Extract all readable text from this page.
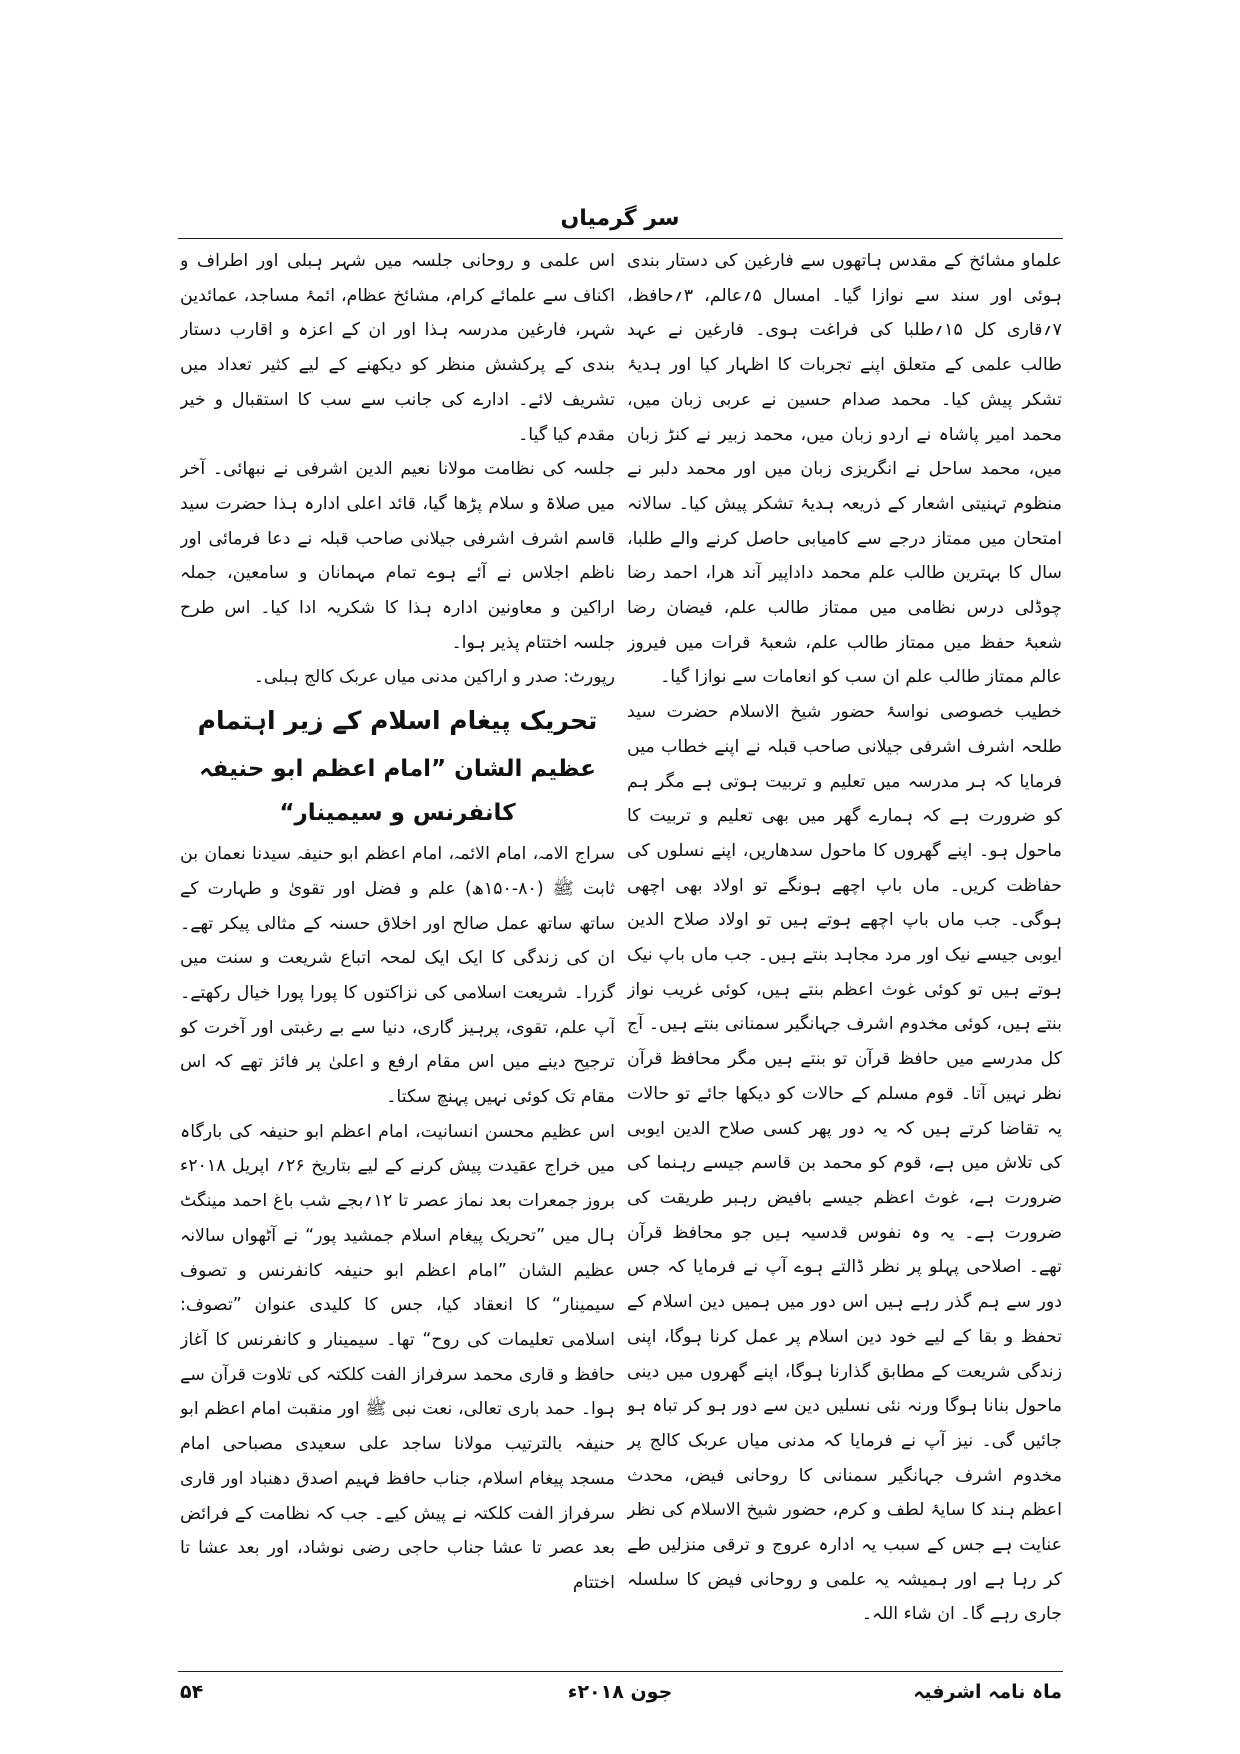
سر گرمیاں

علماو مشائخ کے مقدس ہاتھوں سے فارغین کی دستار بندی ہوئی اور سند سے نوازا گیا۔ امسال ۵؍عالم، ۳؍حافظ، ۷؍قاری کل ۱۵؍طلبا کی فراغت ہوی۔ فارغین نے عہد طالب علمی کے متعلق اپنے تجربات کا اظہار کیا اور ہدیۂ تشکر پیش کیا۔ محمد صدام حسین نے عربی زبان میں، محمد امیر پاشاہ نے اردو زبان میں، محمد زبیر نے کنڑ زبان میں، محمد ساحل نے انگریزی زبان میں اور محمد دلبر نے منظوم تہنیتی اشعار کے ذریعہ ہدیۂ تشکر پیش کیا۔ سالانہ امتحان میں ممتاز درجے سے کامیابی حاصل کرنے والے طلبا، سال کا بہترین طالب علم محمد داداپیر آند ھرا، احمد رضا چوڈلی درس نظامی میں ممتاز طالب علم، فیضان رضا شعبۂ حفظ میں ممتاز طالب علم، شعبۂ قرات میں فیروز عالم ممتاز طالب علم ان سب کو انعامات سے نوازا گیا۔

خطیب خصوصی نواسۂ حضور شیخ الاسلام حضرت سید طلحہ اشرف اشرفی جیلانی صاحب قبلہ نے اپنے خطاب میں فرمایا کہ ہر مدرسہ میں تعلیم و تربیت ہوتی ہے مگر ہم کو ضرورت ہے کہ ہمارے گھر میں بھی تعلیم و تربیت کا ماحول ہو۔ اپنے گھروں کا ماحول سدھاریں، اپنے نسلوں کی حفاظت کریں۔ ماں باپ اچھے ہونگے تو اولاد بھی اچھی ہوگی۔ جب ماں باپ اچھے ہوتے ہیں تو اولاد صلاح الدین ایوبی جیسے نیک اور مرد مجاہد بنتے ہیں۔ جب ماں باپ نیک ہوتے ہیں تو کوئی غوث اعظم بنتے ہیں، کوئی غریب نواز بنتے ہیں، کوئی مخدوم اشرف جہانگیر سمنانی بنتے ہیں۔ آج کل مدرسے میں حافظ قرآن تو بنتے ہیں مگر محافظ قرآن نظر نہیں آتا۔ قوم مسلم کے حالات کو دیکھا جائے تو حالات یہ تقاضا کرتے ہیں کہ یہ دور پھر کسی صلاح الدین ایوبی کی تلاش میں ہے، قوم کو محمد بن قاسم جیسے رہنما کی ضرورت ہے، غوث اعظم جیسے بافیض رہبر طریقت کی ضرورت ہے۔ یہ وہ نفوس قدسیہ ہیں جو محافظ قرآن تھے۔ اصلاحی پہلو پر نظر ڈالتے ہوے آپ نے فرمایا کہ جس دور سے ہم گذر رہے ہیں اس دور میں ہمیں دین اسلام کے تحفظ و بقا کے لیے خود دین اسلام پر عمل کرنا ہوگا، اپنی زندگی شریعت کے مطابق گذارنا ہوگا، اپنے گھروں میں دینی ماحول بنانا ہوگا ورنہ نئی نسلیں دین سے دور ہو کر تباہ ہو جائیں گی۔ نیز آپ نے فرمایا کہ مدنی میاں عربک کالج پر مخدوم اشرف جہانگیر سمنانی کا روحانی فیض، محدث اعظم ہند کا سایۂ لطف و کرم، حضور شیخ الاسلام کی نظر عنایت ہے جس کے سبب یہ ادارہ عروج و ترقی منزلیں طے کر رہا ہے اور ہمیشہ یہ علمی و روحانی فیض کا سلسلہ جاری رہے گا۔ ان شاء اللہ۔

اس علمی و روحانی جلسہ میں شہر ہبلی اور اطراف و اکناف سے علمائے کرام، مشائخ عظام، ائمۂ مساجد، عمائدین شہر، فارغین مدرسہ ہذا اور ان کے اعزہ و اقارب دستار بندی کے پرکشش منظر کو دیکھنے کے لیے کثیر تعداد میں تشریف لائے۔ ادارے کی جانب سے سب کا استقبال و خیر مقدم کیا گیا۔

جلسہ کی نظامت مولانا نعیم الدین اشرفی نے نبھائی۔ آخر میں صلاۃ و سلام پڑھا گیا، قائد اعلی ادارہ ہذا حضرت سید قاسم اشرف اشرفی جیلانی صاحب قبلہ نے دعا فرمائی اور ناظم اجلاس نے آئے ہوے تمام مہمانان و سامعین، جملہ اراکین و معاونین ادارہ ہذا کا شکریہ ادا کیا۔ اس طرح جلسہ اختتام پذیر ہوا۔

رپورٹ: صدر و اراکین مدنی میاں عربک کالج ہبلی۔

تحریک پیغام اسلام کے زیر اہتمام
عظیم الشان ”امام اعظم ابو حنیفہ کانفرنس و سیمینار“

سراج الامہ، امام الائمہ، امام اعظم ابو حنیفہ سیدنا نعمان بن ثابت ﷺ (۸۰-۱۵۰ھ) علم و فضل اور تقویٰ و طہارت کے ساتھ ساتھ عمل صالح اور اخلاق حسنہ کے مثالی پیکر تھے۔ ان کی زندگی کا ایک ایک لمحہ اتباع شریعت و سنت میں گزرا۔ شریعت اسلامی کی نزاکتوں کا پورا پورا خیال رکھتے۔ آپ علم، تقوی، پرہیز گاری، دنیا سے بے رغبتی اور آخرت کو ترجیح دینے میں اس مقام ارفع و اعلیٰ پر فائز تھے کہ اس مقام تک کوئی نہیں پہنچ سکتا۔

اس عظیم محسن انسانیت، امام اعظم ابو حنیفہ کی بارگاہ میں خراج عقیدت پیش کرنے کے لیے بتاریخ ۲۶؍ اپریل ۲۰۱۸ء بروز جمعرات بعد نماز عصر تا ۱۲؍بجے شب باغ احمد مینگٹ ہال میں ”تحریک پیغام اسلام جمشید پور“ نے آٹھواں سالانہ عظیم الشان ”امام اعظم ابو حنیفہ کانفرنس و تصوف سیمینار“ کا انعقاد کیا، جس کا کلیدی عنوان ”تصوف: اسلامی تعلیمات کی روح“ تھا۔ سیمینار و کانفرنس کا آغاز حافظ و قاری محمد سرفراز الفت کلکتہ کی تلاوت قرآن سے ہوا۔ حمد باری تعالی، نعت نبی ﷺ اور منقبت امام اعظم ابو حنیفہ بالترتیب مولانا ساجد علی سعیدی مصباحی امام مسجد پیغام اسلام، جناب حافظ فہیم اصدق دھنباد اور قاری سرفراز الفت کلکتہ نے پیش کیے۔ جب کہ نظامت کے فرائض بعد عصر تا عشا جناب حاجی رضی نوشاد، اور بعد عشا تا اختتام

ماہ نامہ اشرفیہ
جون ۲۰۱۸ء
۵۴
